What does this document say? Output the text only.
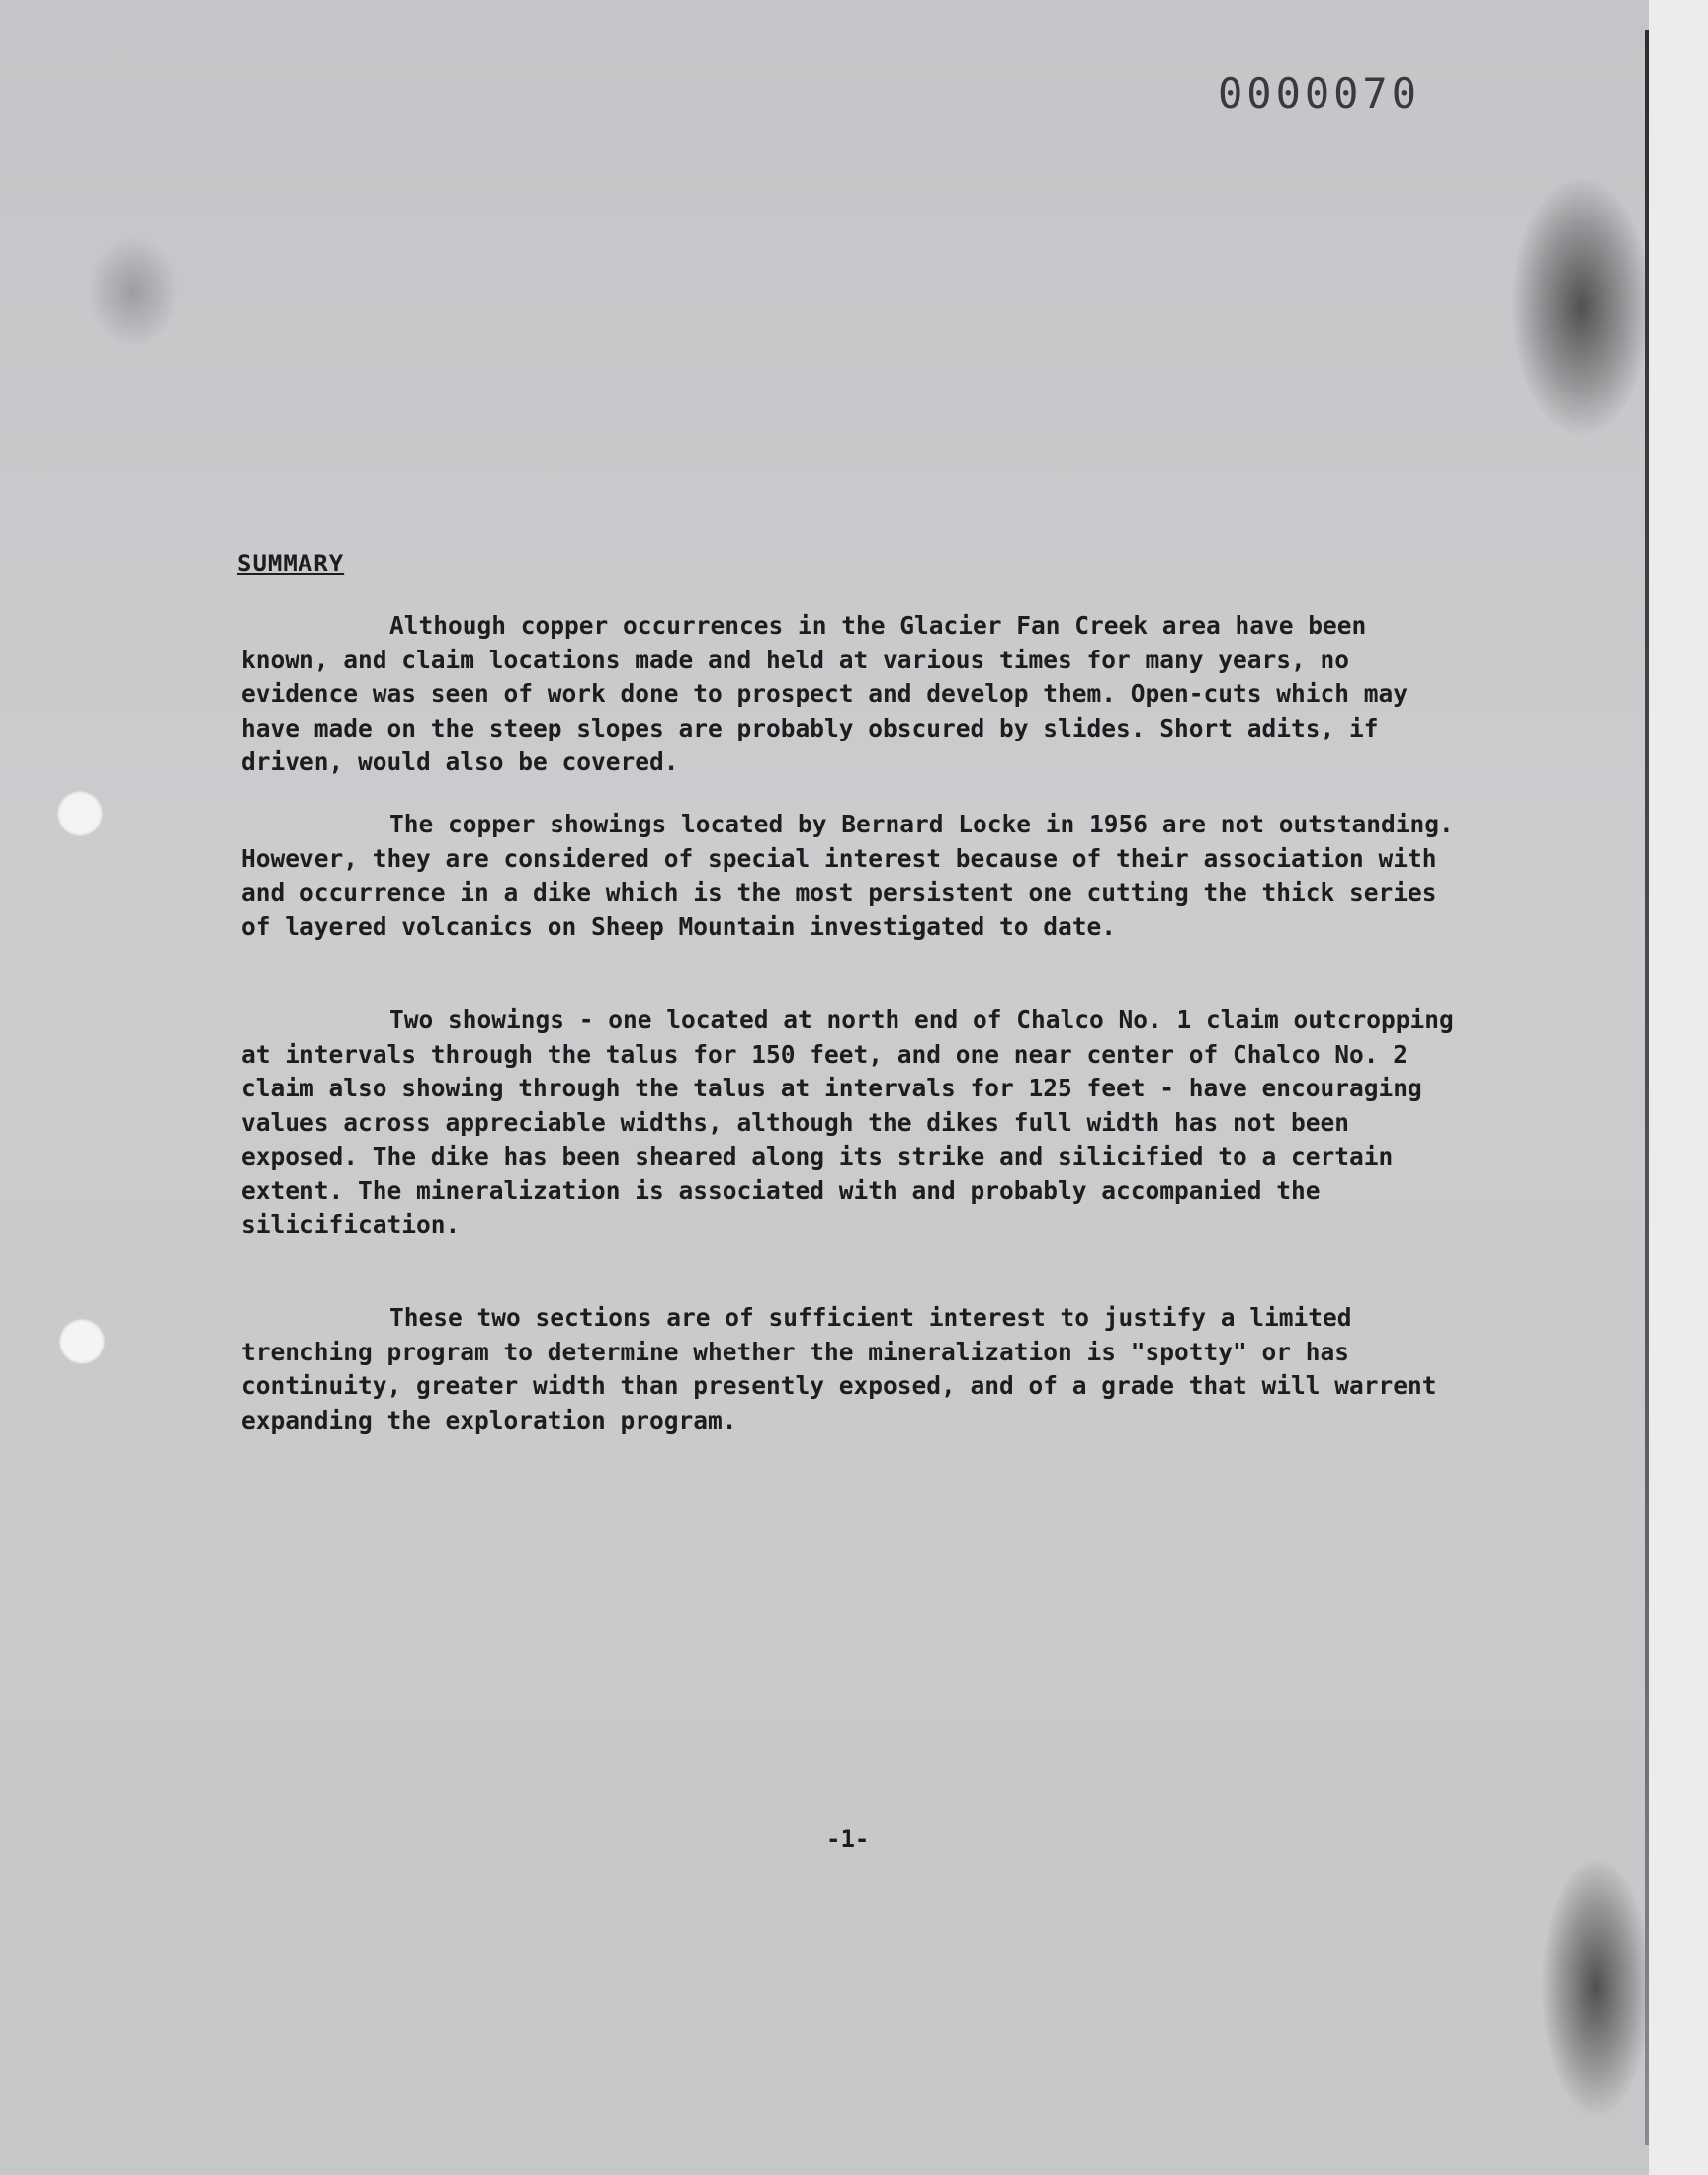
0000070
SUMMARY

Although copper occurrences in the Glacier Fan Creek area have been known, and claim locations made and held at various times for many years, no evidence was seen of work done to prospect and develop them. Open-cuts which may have made on the steep slopes are probably obscured by slides. Short adits, if driven, would also be covered.

The copper showings located by Bernard Locke in 1956 are not outstanding. However, they are considered of special interest because of their association with and occurrence in a dike which is the most persistent one cutting the thick series of layered volcanics on Sheep Mountain investigated to date.

Two showings - one located at north end of Chalco No. 1 claim outcropping at intervals through the talus for 150 feet, and one near center of Chalco No. 2 claim also showing through the talus at intervals for 125 feet - have encouraging values across appreciable widths, although the dikes full width has not been exposed. The dike has been sheared along its strike and silicified to a certain extent. The mineralization is associated with and probably accompanied the silicification.

These two sections are of sufficient interest to justify a limited trenching program to determine whether the mineralization is "spotty" or has continuity, greater width than presently exposed, and of a grade that will warrent expanding the exploration program.

-1-
